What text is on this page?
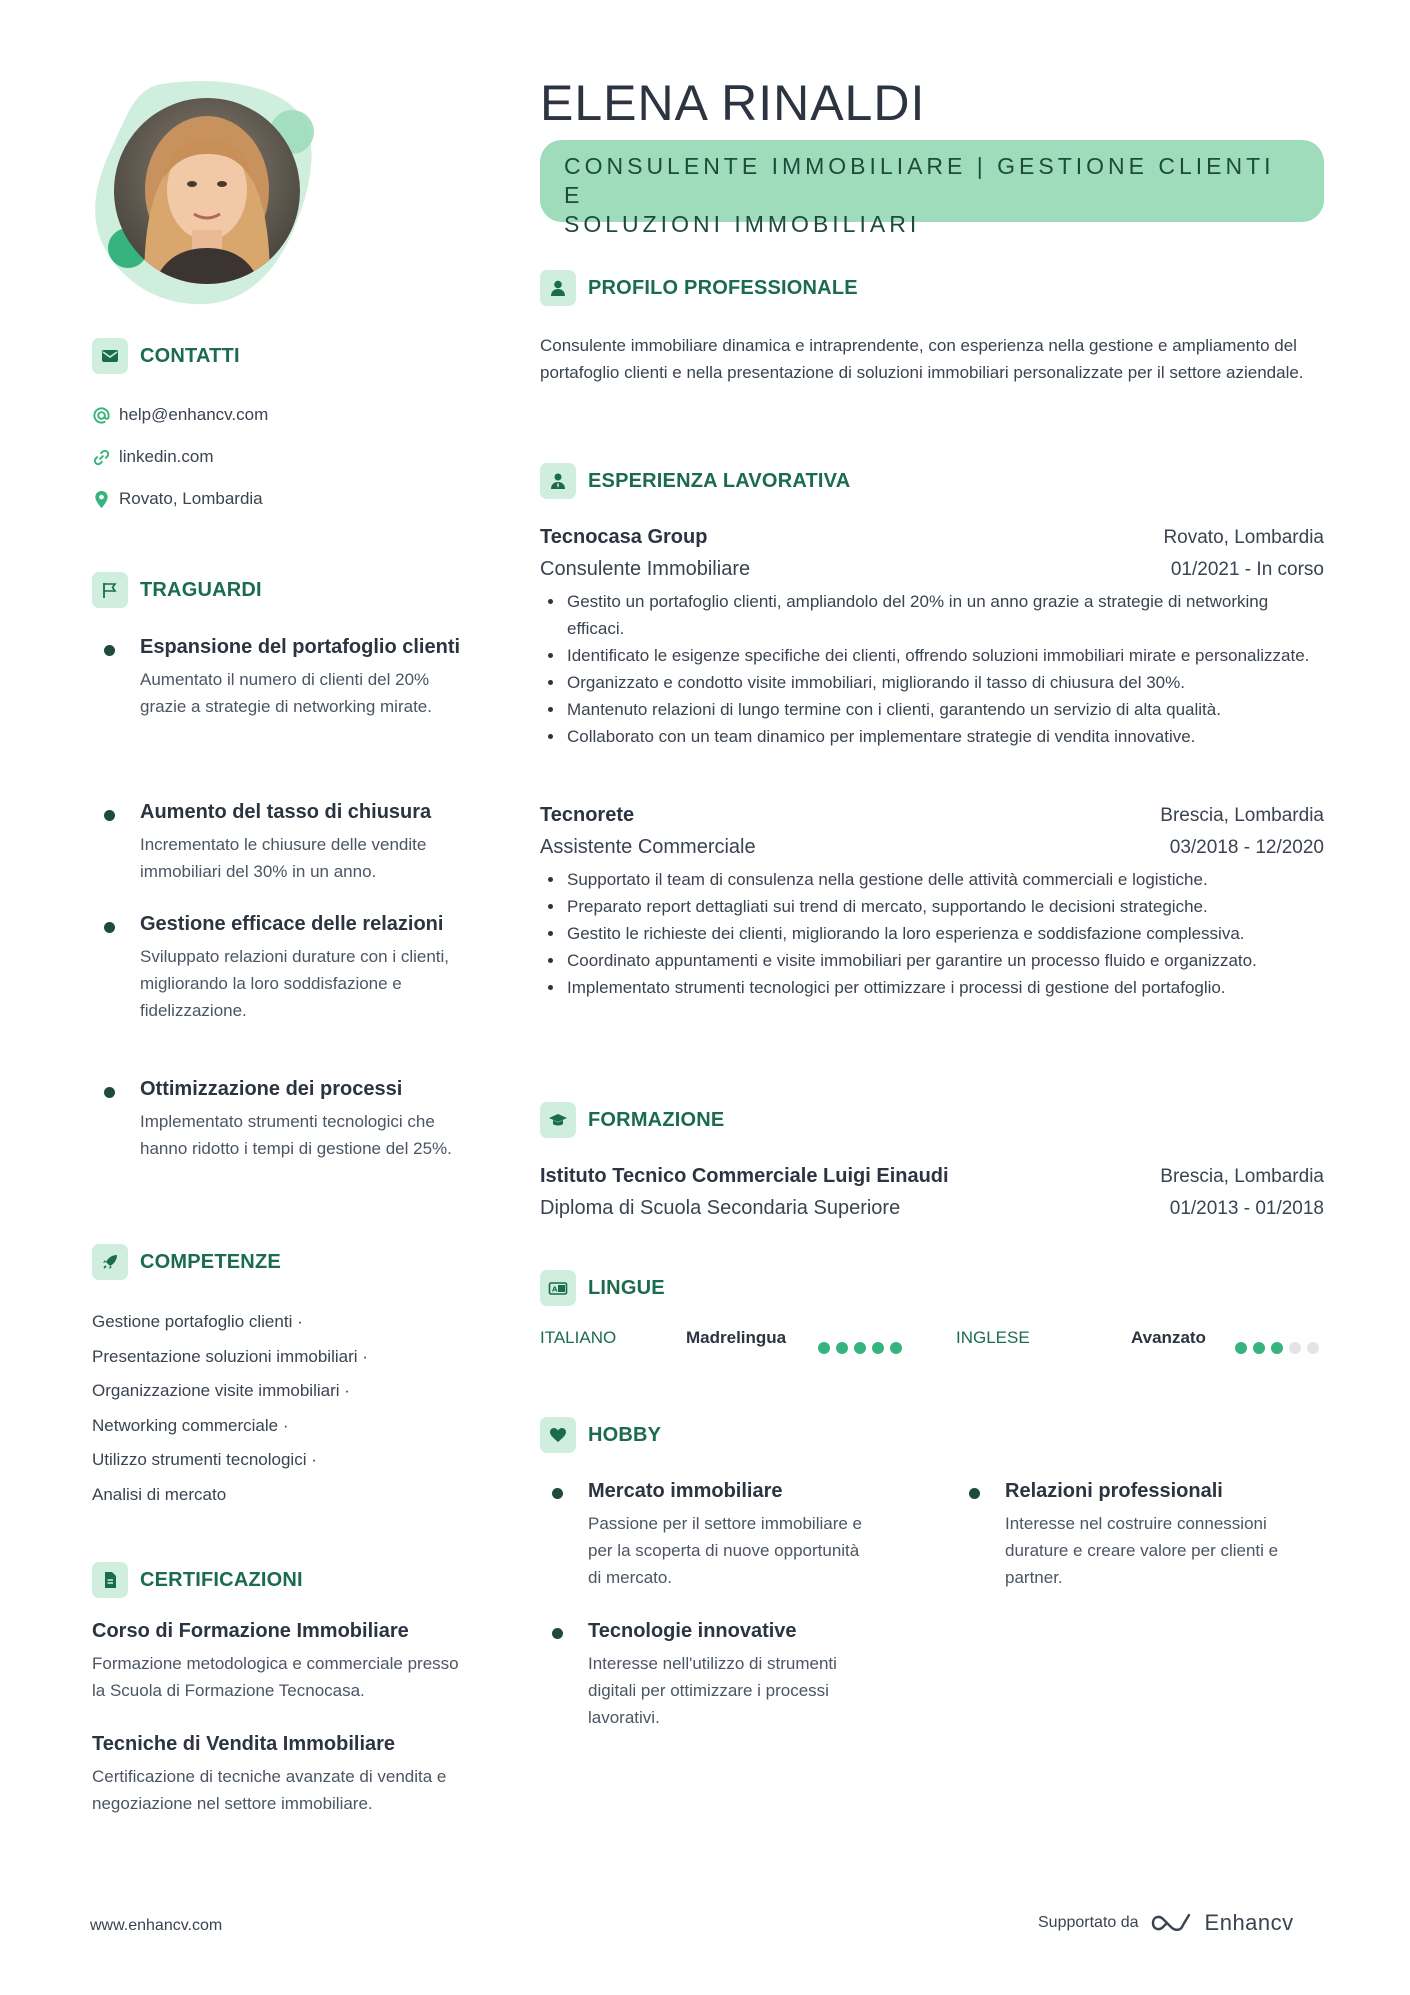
CONTATTI
help@enhancv.com
linkedin.com
Rovato, Lombardia
TRAGUARDI
Espansione del portafoglio clienti
Aumentato il numero di clienti del 20% grazie a strategie di networking mirate.
Aumento del tasso di chiusura
Incrementato le chiusure delle vendite immobiliari del 30% in un anno.
Gestione efficace delle relazioni
Sviluppato relazioni durature con i clienti, migliorando la loro soddisfazione e fidelizzazione.
Ottimizzazione dei processi
Implementato strumenti tecnologici che hanno ridotto i tempi di gestione del 25%.
COMPETENZE
Gestione portafoglio clienti ·
Presentazione soluzioni immobiliari ·
Organizzazione visite immobiliari ·
Networking commerciale ·
Utilizzo strumenti tecnologici ·
Analisi di mercato
CERTIFICAZIONI
Corso di Formazione Immobiliare
Formazione metodologica e commerciale presso la Scuola di Formazione Tecnocasa.
Tecniche di Vendita Immobiliare
Certificazione di tecniche avanzate di vendita e negoziazione nel settore immobiliare.
ELENA RINALDI
CONSULENTE IMMOBILIARE | GESTIONE CLIENTI E
SOLUZIONI IMMOBILIARI
PROFILO PROFESSIONALE
Consulente immobiliare dinamica e intraprendente, con esperienza nella gestione e ampliamento del portafoglio clienti e nella presentazione di soluzioni immobiliari personalizzate per il settore aziendale.
ESPERIENZA LAVORATIVA
Tecnocasa Group	Rovato, Lombardia
Consulente Immobiliare	01/2021 - In corso
Gestito un portafoglio clienti, ampliandolo del 20% in un anno grazie a strategie di networking efficaci.
Identificato le esigenze specifiche dei clienti, offrendo soluzioni immobiliari mirate e personalizzate.
Organizzato e condotto visite immobiliari, migliorando il tasso di chiusura del 30%.
Mantenuto relazioni di lungo termine con i clienti, garantendo un servizio di alta qualità.
Collaborato con un team dinamico per implementare strategie di vendita innovative.
Tecnorete	Brescia, Lombardia
Assistente Commerciale	03/2018 - 12/2020
Supportato il team di consulenza nella gestione delle attività commerciali e logistiche.
Preparato report dettagliati sui trend di mercato, supportando le decisioni strategiche.
Gestito le richieste dei clienti, migliorando la loro esperienza e soddisfazione complessiva.
Coordinato appuntamenti e visite immobiliari per garantire un processo fluido e organizzato.
Implementato strumenti tecnologici per ottimizzare i processi di gestione del portafoglio.
FORMAZIONE
Istituto Tecnico Commerciale Luigi Einaudi	Brescia, Lombardia
Diploma di Scuola Secondaria Superiore	01/2013 - 01/2018
A LINGUE
ITALIANO	Madrelingua	INGLESE	Avanzato
HOBBY
Mercato immobiliare
Passione per il settore immobiliare e per la scoperta di nuove opportunità di mercato.
Relazioni professionali
Interesse nel costruire connessioni durature e creare valore per clienti e partner.
Tecnologie innovative
Interesse nell'utilizzo di strumenti digitali per ottimizzare i processi lavorativi.
www.enhancv.com	Supportato da	Enhancv
